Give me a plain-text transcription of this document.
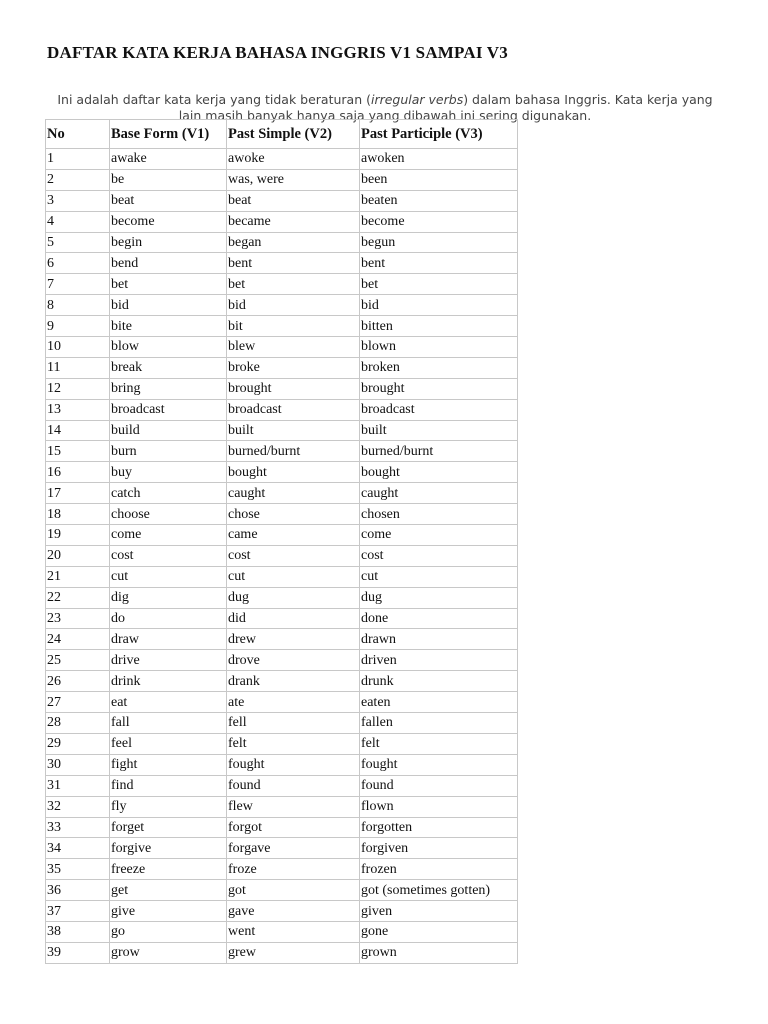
DAFTAR KATA KERJA BAHASA INGGRIS V1 SAMPAI V3

Ini adalah daftar kata kerja yang tidak beraturan (irregular verbs) dalam bahasa Inggris. Kata kerja yang lain masih banyak hanya saja yang dibawah ini sering digunakan.

No	Base Form (V1)	Past Simple (V2)	Past Participle (V3)
1	awake	awoke	awoken
2	be	was, were	been
3	beat	beat	beaten
4	become	became	become
5	begin	began	begun
6	bend	bent	bent
7	bet	bet	bet
8	bid	bid	bid
9	bite	bit	bitten
10	blow	blew	blown
11	break	broke	broken
12	bring	brought	brought
13	broadcast	broadcast	broadcast
14	build	built	built
15	burn	burned/burnt	burned/burnt
16	buy	bought	bought
17	catch	caught	caught
18	choose	chose	chosen
19	come	came	come
20	cost	cost	cost
21	cut	cut	cut
22	dig	dug	dug
23	do	did	done
24	draw	drew	drawn
25	drive	drove	driven
26	drink	drank	drunk
27	eat	ate	eaten
28	fall	fell	fallen
29	feel	felt	felt
30	fight	fought	fought
31	find	found	found
32	fly	flew	flown
33	forget	forgot	forgotten
34	forgive	forgave	forgiven
35	freeze	froze	frozen
36	get	got	got (sometimes gotten)
37	give	gave	given
38	go	went	gone
39	grow	grew	grown
